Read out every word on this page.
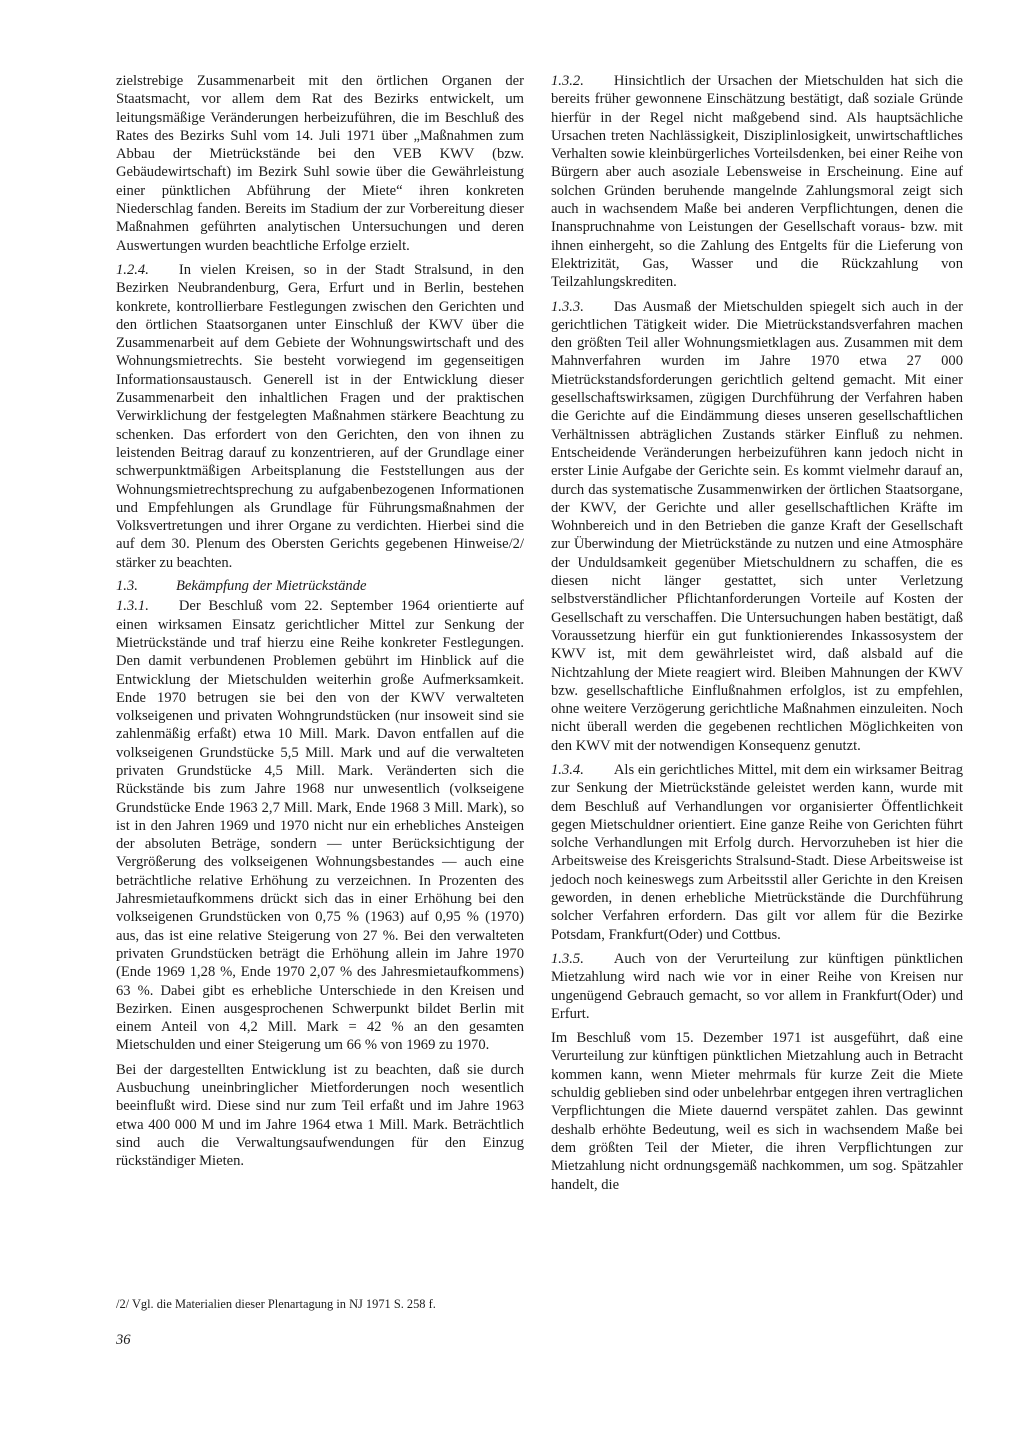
zielstrebige Zusammenarbeit mit den örtlichen Organen der Staatsmacht, vor allem dem Rat des Bezirks entwickelt, um leitungsmäßige Veränderungen herbeizuführen, die im Beschluß des Rates des Bezirks Suhl vom 14. Juli 1971 über „Maßnahmen zum Abbau der Mietrückstände bei den VEB KWV (bzw. Gebäudewirtschaft) im Bezirk Suhl sowie über die Gewährleistung einer pünktlichen Abführung der Miete“ ihren konkreten Niederschlag fanden. Bereits im Stadium der zur Vorbereitung dieser Maßnahmen geführten analytischen Untersuchungen und deren Auswertungen wurden beachtliche Erfolge erzielt.

1.2.4. In vielen Kreisen, so in der Stadt Stralsund, in den Bezirken Neubrandenburg, Gera, Erfurt und in Berlin, bestehen konkrete, kontrollierbare Festlegungen zwischen den Gerichten und den örtlichen Staatsorganen unter Einschluß der KWV über die Zusammenarbeit auf dem Gebiete der Wohnungswirtschaft und des Wohnungsmietrechts. Sie besteht vorwiegend im gegenseitigen Informationsaustausch. Generell ist in der Entwicklung dieser Zusammenarbeit den inhaltlichen Fragen und der praktischen Verwirklichung der festgelegten Maßnahmen stärkere Beachtung zu schenken. Das erfordert von den Gerichten, den von ihnen zu leistenden Beitrag darauf zu konzentrieren, auf der Grundlage einer schwerpunktmäßigen Arbeitsplanung die Feststellungen aus der Wohnungsmietrechtsprechung zu aufgabenbezogenen Informationen und Empfehlungen als Grundlage für Führungsmaßnahmen der Volksvertretungen und ihrer Organe zu verdichten. Hierbei sind die auf dem 30. Plenum des Obersten Gerichts gegebenen Hinweise/2/ stärker zu beachten.

1.3.	Bekämpfung der Mietrückstände

1.3.1. Der Beschluß vom 22. September 1964 orientierte auf einen wirksamen Einsatz gerichtlicher Mittel zur Senkung der Mietrückstände und traf hierzu eine Reihe konkreter Festlegungen. Den damit verbundenen Problemen gebührt im Hinblick auf die Entwicklung der Mietschulden weiterhin große Aufmerksamkeit. Ende 1970 betrugen sie bei den von der KWV verwalteten volkseigenen und privaten Wohngrundstücken (nur insoweit sind sie zahlenmäßig erfaßt) etwa 10 Mill. Mark. Davon entfallen auf die volkseigenen Grundstücke 5,5 Mill. Mark und auf die verwalteten privaten Grundstücke 4,5 Mill. Mark. Veränderten sich die Rückstände bis zum Jahre 1968 nur unwesentlich (volkseigene Grundstücke Ende 1963 2,7 Mill. Mark, Ende 1968 3 Mill. Mark), so ist in den Jahren 1969 und 1970 nicht nur ein erhebliches Ansteigen der absoluten Beträge, sondern — unter Berücksichtigung der Vergrößerung des volkseigenen Wohnungsbestandes — auch eine beträchtliche relative Erhöhung zu verzeichnen. In Prozenten des Jahresmietaufkommens drückt sich das in einer Erhöhung bei den volkseigenen Grundstücken von 0,75 % (1963) auf 0,95 % (1970) aus, das ist eine relative Steigerung von 27 %. Bei den verwalteten privaten Grundstücken beträgt die Erhöhung allein im Jahre 1970 (Ende 1969 1,28 %, Ende 1970 2,07 % des Jahresmietaufkommens) 63 %. Dabei gibt es erhebliche Unterschiede in den Kreisen und Bezirken. Einen ausgesprochenen Schwerpunkt bildet Berlin mit einem Anteil von 4,2 Mill. Mark = 42 % an den gesamten Mietschulden und einer Steigerung um 66 % von 1969 zu 1970.

Bei der dargestellten Entwicklung ist zu beachten, daß sie durch Ausbuchung uneinbringlicher Mietforderungen noch wesentlich beeinflußt wird. Diese sind nur zum Teil erfaßt und im Jahre 1963 etwa 400 000 M und im Jahre 1964 etwa 1 Mill. Mark. Beträchtlich sind auch die Verwaltungsaufwendungen für den Einzug rückständiger Mieten.

1.3.2. Hinsichtlich der Ursachen der Mietschulden hat sich die bereits früher gewonnene Einschätzung bestätigt, daß soziale Gründe hierfür in der Regel nicht maßgebend sind. Als hauptsächliche Ursachen treten Nachlässigkeit, Disziplinlosigkeit, unwirtschaftliches Verhalten sowie kleinbürgerliches Vorteilsdenken, bei einer Reihe von Bürgern aber auch asoziale Lebensweise in Erscheinung. Eine auf solchen Gründen beruhende mangelnde Zahlungsmoral zeigt sich auch in wachsendem Maße bei anderen Verpflichtungen, denen die Inanspruchnahme von Leistungen der Gesellschaft voraus- bzw. mit ihnen einhergeht, so die Zahlung des Entgelts für die Lieferung von Elektrizität, Gas, Wasser und die Rückzahlung von Teilzahlungskrediten.

1.3.3. Das Ausmaß der Mietschulden spiegelt sich auch in der gerichtlichen Tätigkeit wider. Die Mietrückstandsverfahren machen den größten Teil aller Wohnungsmietklagen aus. Zusammen mit dem Mahnverfahren wurden im Jahre 1970 etwa 27 000 Mietrückstandsforderungen gerichtlich geltend gemacht. Mit einer gesellschaftswirksamen, zügigen Durchführung der Verfahren haben die Gerichte auf die Eindämmung dieses unseren gesellschaftlichen Verhältnissen abträglichen Zustands stärker Einfluß zu nehmen. Entscheidende Veränderungen herbeizuführen kann jedoch nicht in erster Linie Aufgabe der Gerichte sein. Es kommt vielmehr darauf an, durch das systematische Zusammenwirken der örtlichen Staatsorgane, der KWV, der Gerichte und aller gesellschaftlichen Kräfte im Wohnbereich und in den Betrieben die ganze Kraft der Gesellschaft zur Überwindung der Mietrückstände zu nutzen und eine Atmosphäre der Unduldsamkeit gegenüber Mietschuldnern zu schaffen, die es diesen nicht länger gestattet, sich unter Verletzung selbstverständlicher Pflichtanforderungen Vorteile auf Kosten der Gesellschaft zu verschaffen. Die Untersuchungen haben bestätigt, daß Voraussetzung hierfür ein gut funktionierendes Inkassosystem der KWV ist, mit dem gewährleistet wird, daß alsbald auf die Nichtzahlung der Miete reagiert wird. Bleiben Mahnungen der KWV bzw. gesellschaftliche Einflußnahmen erfolglos, ist zu empfehlen, ohne weitere Verzögerung gerichtliche Maßnahmen einzuleiten. Noch nicht überall werden die gegebenen rechtlichen Möglichkeiten von den KWV mit der notwendigen Konsequenz genutzt.

1.3.4. Als ein gerichtliches Mittel, mit dem ein wirksamer Beitrag zur Senkung der Mietrückstände geleistet werden kann, wurde mit dem Beschluß auf Verhandlungen vor organisierter Öffentlichkeit gegen Mietschuldner orientiert. Eine ganze Reihe von Gerichten führt solche Verhandlungen mit Erfolg durch. Hervorzuheben ist hier die Arbeitsweise des Kreisgerichts Stralsund-Stadt. Diese Arbeitsweise ist jedoch noch keineswegs zum Arbeitsstil aller Gerichte in den Kreisen geworden, in denen erhebliche Mietrückstände die Durchführung solcher Verfahren erfordern. Das gilt vor allem für die Bezirke Potsdam, Frankfurt(Oder) und Cottbus.

1.3.5. Auch von der Verurteilung zur künftigen pünktlichen Mietzahlung wird nach wie vor in einer Reihe von Kreisen nur ungenügend Gebrauch gemacht, so vor allem in Frankfurt(Oder) und Erfurt.

Im Beschluß vom 15. Dezember 1971 ist ausgeführt, daß eine Verurteilung zur künftigen pünktlichen Mietzahlung auch in Betracht kommen kann, wenn Mieter mehrmals für kurze Zeit die Miete schuldig geblieben sind oder unbelehrbar entgegen ihren vertraglichen Verpflichtungen die Miete dauernd verspätet zahlen. Das gewinnt deshalb erhöhte Bedeutung, weil es sich in wachsendem Maße bei dem größten Teil der Mieter, die ihren Verpflichtungen zur Mietzahlung nicht ordnungsgemäß nachkommen, um sog. Spätzahler handelt, die

/2/ Vgl. die Materialien dieser Plenartagung in NJ 1971 S. 258 f.

36
